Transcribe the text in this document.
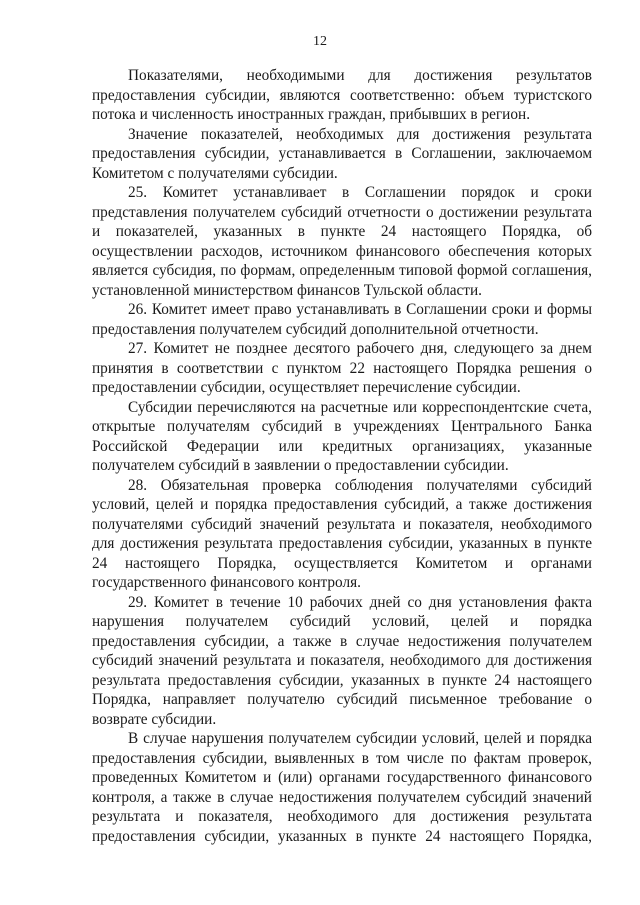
12

Показателями, необходимыми для достижения результатов предоставления субсидии, являются соответственно: объем туристского потока и численность иностранных граждан, прибывших в регион.

Значение показателей, необходимых для достижения результата предоставления субсидии, устанавливается в Соглашении, заключаемом Комитетом с получателями субсидии.

25. Комитет устанавливает в Соглашении порядок и сроки представления получателем субсидий отчетности о достижении результата и показателей, указанных в пункте 24 настоящего Порядка, об осуществлении расходов, источником финансового обеспечения которых является субсидия, по формам, определенным типовой формой соглашения, установленной министерством финансов Тульской области.

26. Комитет имеет право устанавливать в Соглашении сроки и формы предоставления получателем субсидий дополнительной отчетности.

27. Комитет не позднее десятого рабочего дня, следующего за днем принятия в соответствии с пунктом 22 настоящего Порядка решения о предоставлении субсидии, осуществляет перечисление субсидии.

Субсидии перечисляются на расчетные или корреспондентские счета, открытые получателям субсидий в учреждениях Центрального Банка Российской Федерации или кредитных организациях, указанные получателем субсидий в заявлении о предоставлении субсидии.

28. Обязательная проверка соблюдения получателями субсидий условий, целей и порядка предоставления субсидий, а также достижения получателями субсидий значений результата и показателя, необходимого для достижения результата предоставления субсидии, указанных в пункте 24 настоящего Порядка, осуществляется Комитетом и органами государственного финансового контроля.

29. Комитет в течение 10 рабочих дней со дня установления факта нарушения получателем субсидий условий, целей и порядка предоставления субсидии, а также в случае недостижения получателем субсидий значений результата и показателя, необходимого для достижения результата предоставления субсидии, указанных в пункте 24 настоящего Порядка, направляет получателю субсидий письменное требование о возврате субсидии.

В случае нарушения получателем субсидии условий, целей и порядка предоставления субсидии, выявленных в том числе по фактам проверок, проведенных Комитетом и (или) органами государственного финансового контроля, а также в случае недостижения получателем субсидий значений результата и показателя, необходимого для достижения результата предоставления субсидии, указанных в пункте 24 настоящего Порядка,
